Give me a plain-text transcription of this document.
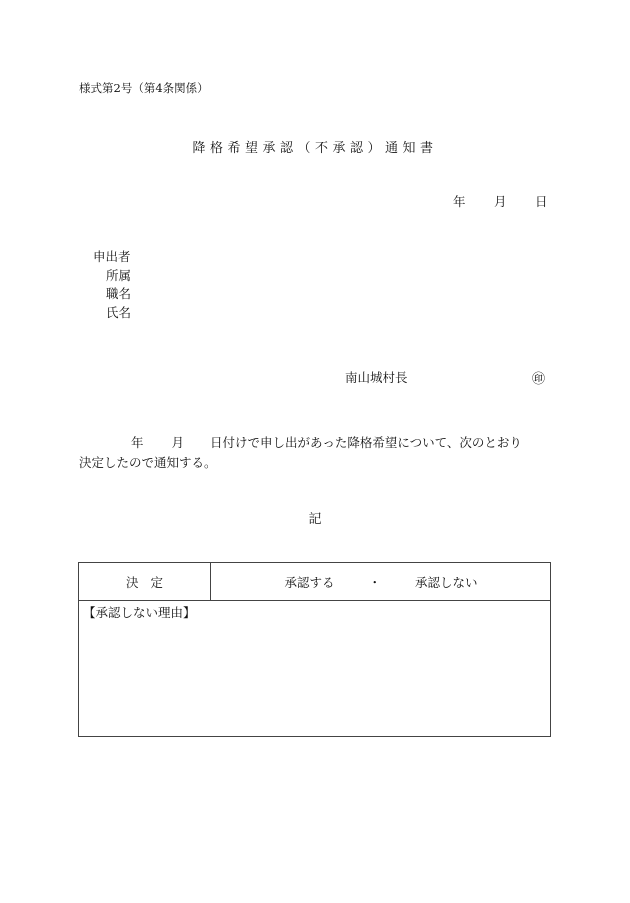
様式第2号（第4条関係）
降格希望承認（不承認）通知書
年 月 日
申出者
所属
職名
氏名
南山城村長	㊞
年 月 日付けで申し出があった降格希望について、次のとおり
決定したので通知する。
記
決定	承認する	・	承認しない
【承認しない理由】
